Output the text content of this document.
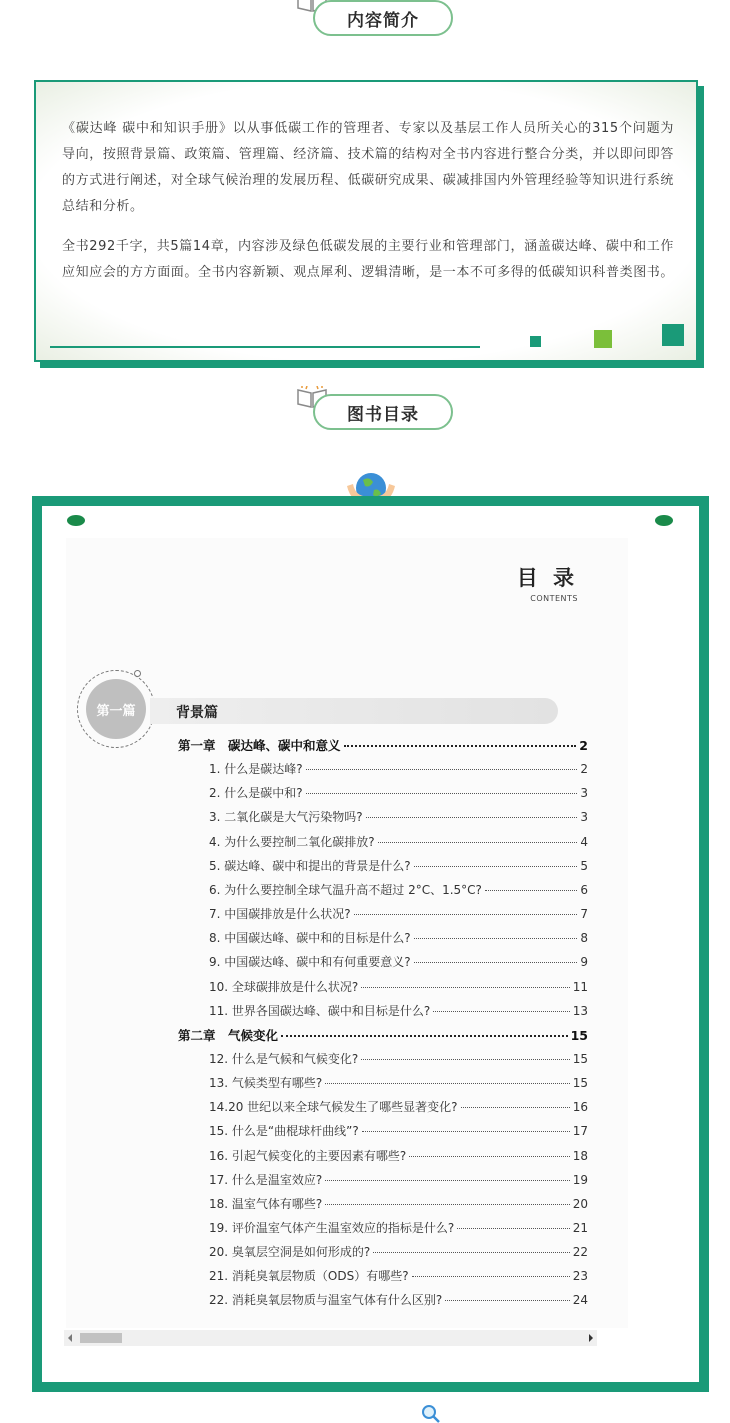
内容简介

《碳达峰 碳中和知识手册》以从事低碳工作的管理者、专家以及基层工作人员所关心的315个问题为导向，按照背景篇、政策篇、管理篇、经济篇、技术篇的结构对全书内容进行整合分类，并以即问即答的方式进行阐述，对全球气候治理的发展历程、低碳研究成果、碳减排国内外管理经验等知识进行系统总结和分析。

全书292千字，共5篇14章，内容涉及绿色低碳发展的主要行业和管理部门，涵盖碳达峰、碳中和工作应知应会的方方面面。全书内容新颖、观点犀利、逻辑清晰，是一本不可多得的低碳知识科普类图书。

图书目录
目 录
CONTENTS
第一篇	背景篇
第一章　碳达峰、碳中和意义	2
1. 什么是碳达峰?	2
2. 什么是碳中和?	3
3. 二氧化碳是大气污染物吗?	3
4. 为什么要控制二氧化碳排放?	4
5. 碳达峰、碳中和提出的背景是什么?	5
6. 为什么要控制全球气温升高不超过 2°C、1.5°C?	6
7. 中国碳排放是什么状况?	7
8. 中国碳达峰、碳中和的目标是什么?	8
9. 中国碳达峰、碳中和有何重要意义?	9
10. 全球碳排放是什么状况?	11
11. 世界各国碳达峰、碳中和目标是什么?	13
第二章　气候变化	15
12. 什么是气候和气候变化?	15
13. 气候类型有哪些?	15
14.20 世纪以来全球气候发生了哪些显著变化?	16
15. 什么是“曲棍球杆曲线”?	17
16. 引起气候变化的主要因素有哪些?	18
17. 什么是温室效应?	19
18. 温室气体有哪些?	20
19. 评价温室气体产生温室效应的指标是什么?	21
20. 臭氧层空洞是如何形成的?	22
21. 消耗臭氧层物质（ODS）有哪些?	23
22. 消耗臭氧层物质与温室气体有什么区别?	24
